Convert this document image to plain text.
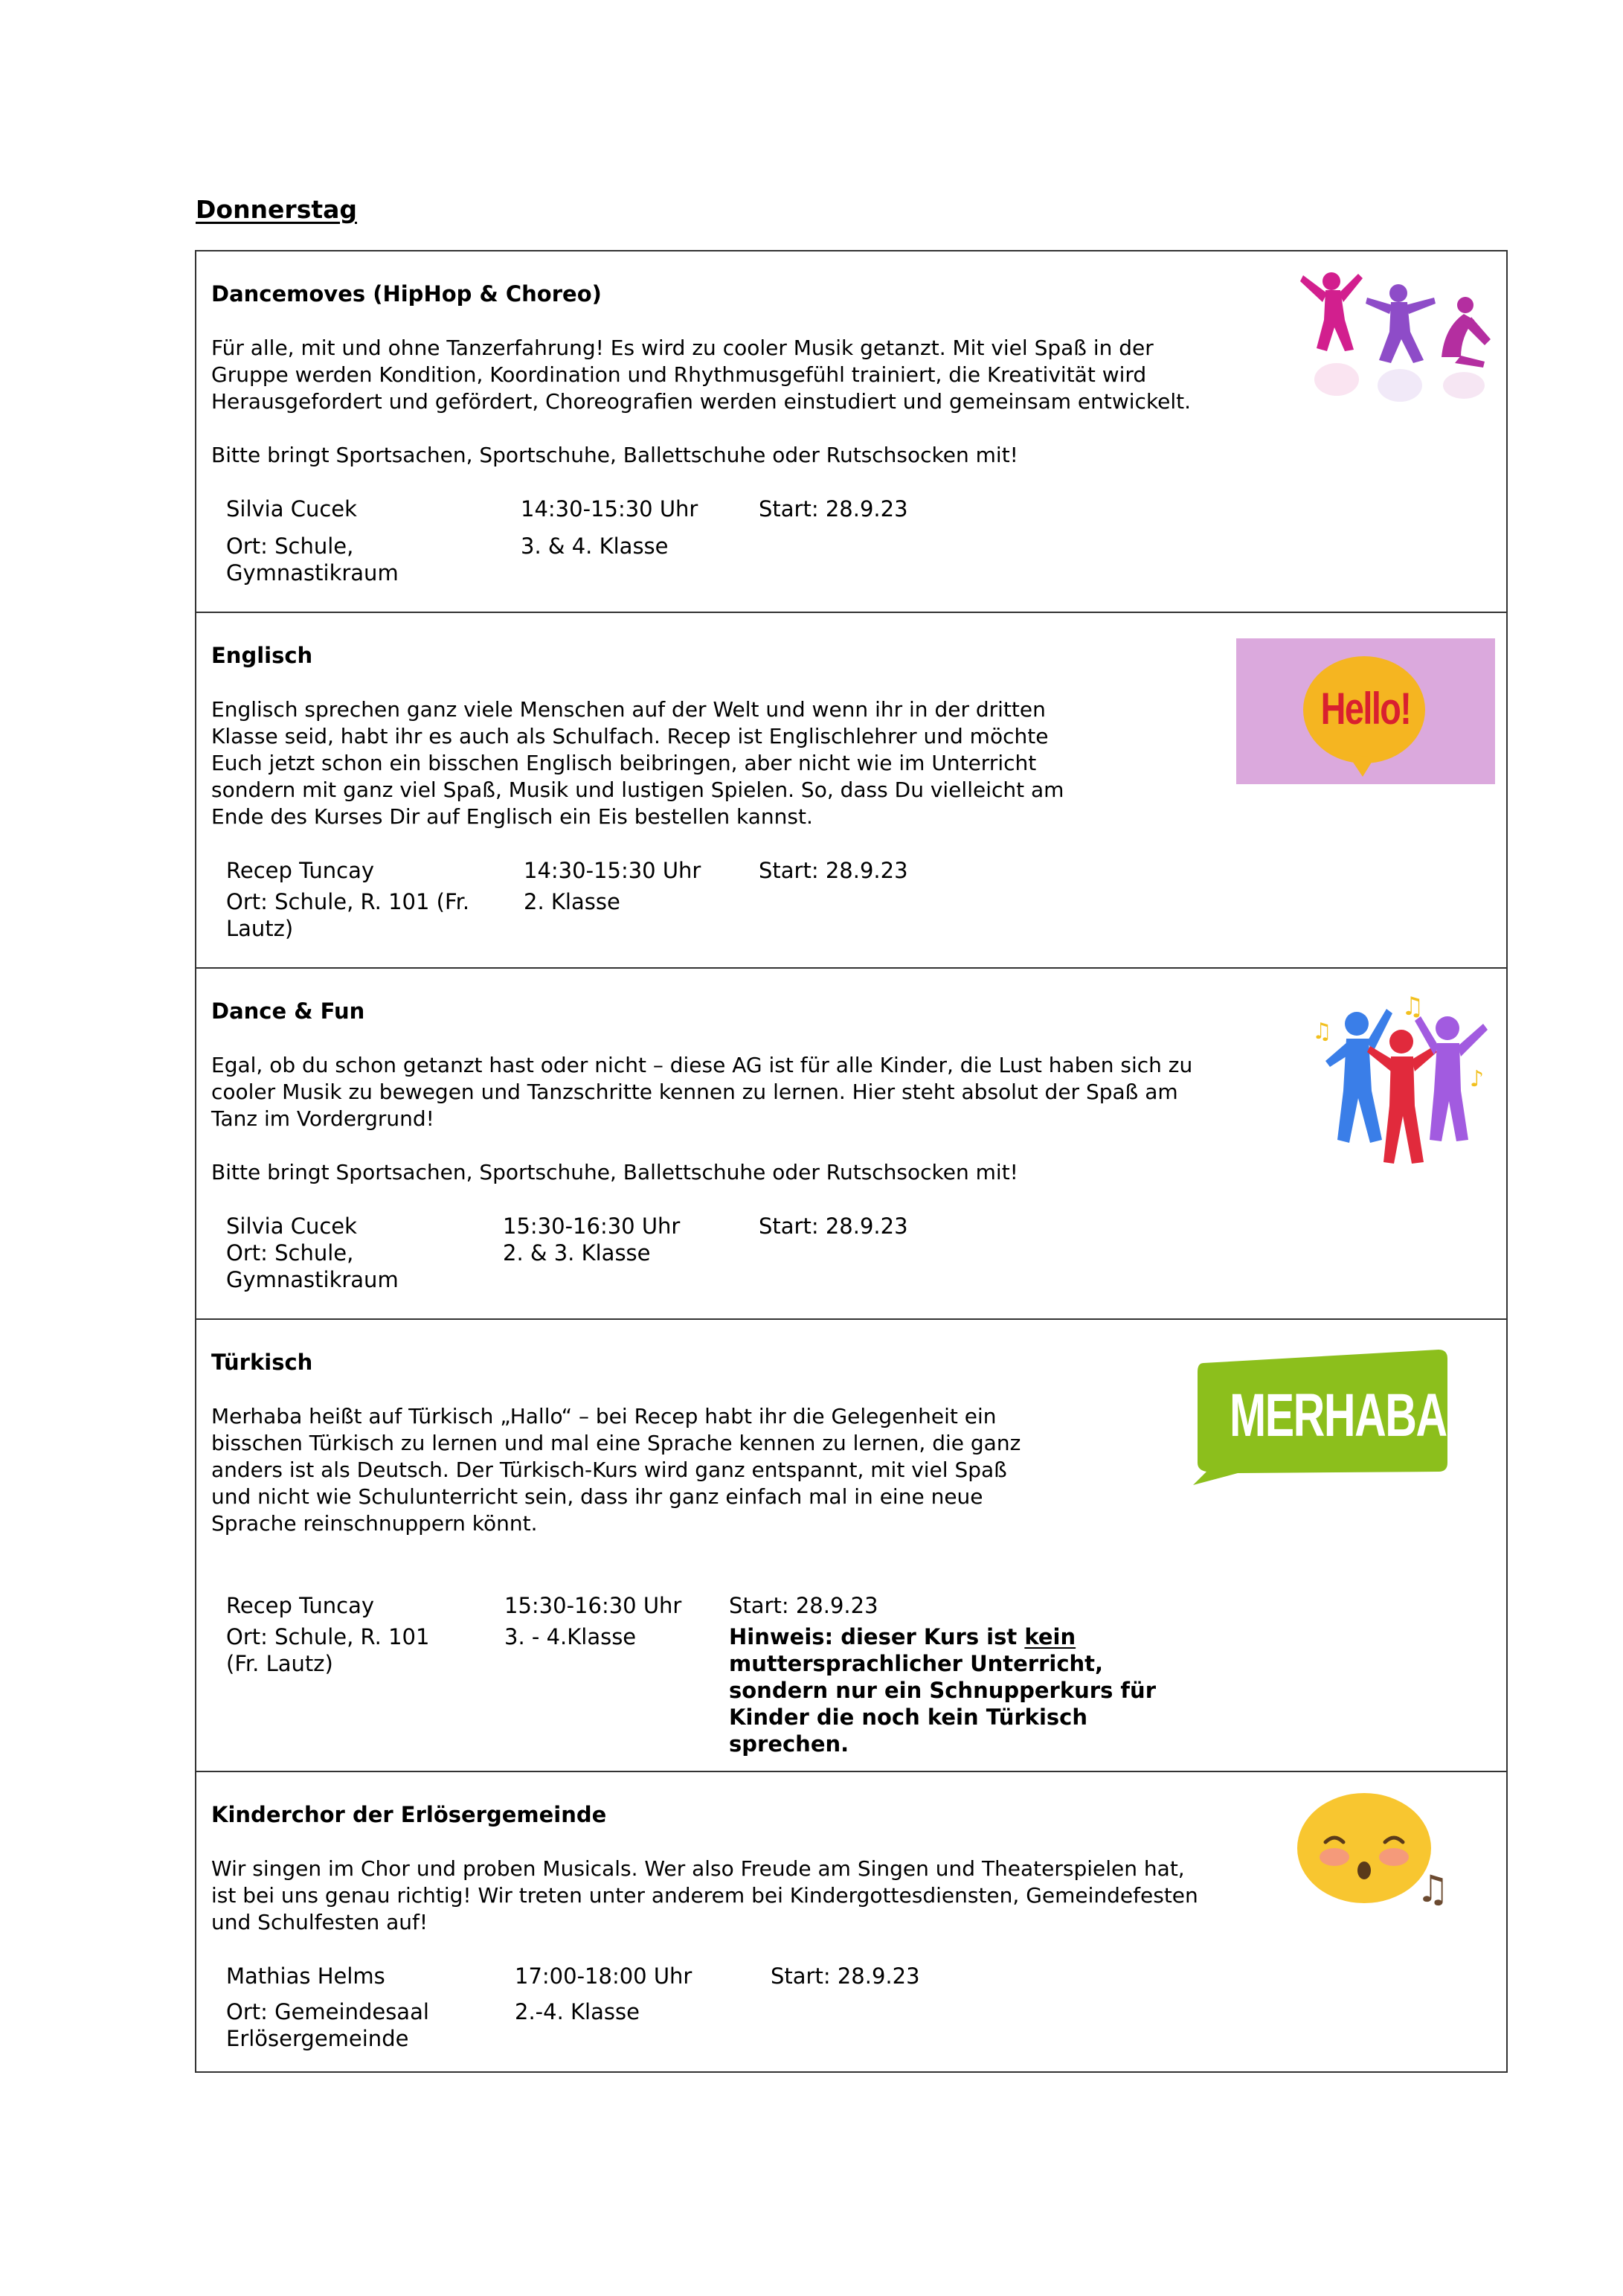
Donnerstag
Dancemoves (HipHop & Choreo)
Für alle, mit und ohne Tanzerfahrung! Es wird zu cooler Musik getanzt. Mit viel Spaß in der
Gruppe werden Kondition, Koordination und Rhythmusgefühl trainiert, die Kreativität wird
Herausgefordert und gefördert, Choreografien werden einstudiert und gemeinsam entwickelt.
Bitte bringt Sportsachen, Sportschuhe, Ballettschuhe oder Rutschsocken mit!
Silvia Cucek
Ort: Schule,
Gymnastikraum
14:30-15:30 Uhr
3. & 4. Klasse
Start: 28.9.23
Englisch
Englisch sprechen ganz viele Menschen auf der Welt und wenn ihr in der dritten
Klasse seid, habt ihr es auch als Schulfach. Recep ist Englischlehrer und möchte
Euch jetzt schon ein bisschen Englisch beibringen, aber nicht wie im Unterricht
sondern mit ganz viel Spaß, Musik und lustigen Spielen. So, dass Du vielleicht am
Ende des Kurses Dir auf Englisch ein Eis bestellen kannst.
Recep Tuncay
Ort: Schule, R. 101 (Fr.
Lautz)
14:30-15:30 Uhr
2. Klasse
Start: 28.9.23
Hello!
Dance & Fun
Egal, ob du schon getanzt hast oder nicht – diese AG ist für alle Kinder, die Lust haben sich zu
cooler Musik zu bewegen und Tanzschritte kennen zu lernen. Hier steht absolut der Spaß am
Tanz im Vordergrund!
Bitte bringt Sportsachen, Sportschuhe, Ballettschuhe oder Rutschsocken mit!
Silvia Cucek
Ort: Schule,
Gymnastikraum
15:30-16:30 Uhr
2. & 3. Klasse
Start: 28.9.23
♫
♪
♫
Türkisch
Merhaba heißt auf Türkisch „Hallo“ – bei Recep habt ihr die Gelegenheit ein
bisschen Türkisch zu lernen und mal eine Sprache kennen zu lernen, die ganz
anders ist als Deutsch. Der Türkisch-Kurs wird ganz entspannt, mit viel Spaß
und nicht wie Schulunterricht sein, dass ihr ganz einfach mal in eine neue
Sprache reinschnuppern könnt.
Recep Tuncay
Ort: Schule, R. 101
(Fr. Lautz)
15:30-16:30 Uhr
3. - 4.Klasse
Start: 28.9.23
Hinweis: dieser Kurs ist kein
muttersprachlicher Unterricht,
sondern nur ein Schnupperkurs für
Kinder die noch kein Türkisch
sprechen.
MERHABA!
Kinderchor der Erlösergemeinde
Wir singen im Chor und proben Musicals. Wer also Freude am Singen und Theaterspielen hat,
ist bei uns genau richtig! Wir treten unter anderem bei Kindergottesdiensten, Gemeindefesten
und Schulfesten auf!
Mathias Helms
Ort: Gemeindesaal
Erlösergemeinde
17:00-18:00 Uhr
2.-4. Klasse
Start: 28.9.23
♫
